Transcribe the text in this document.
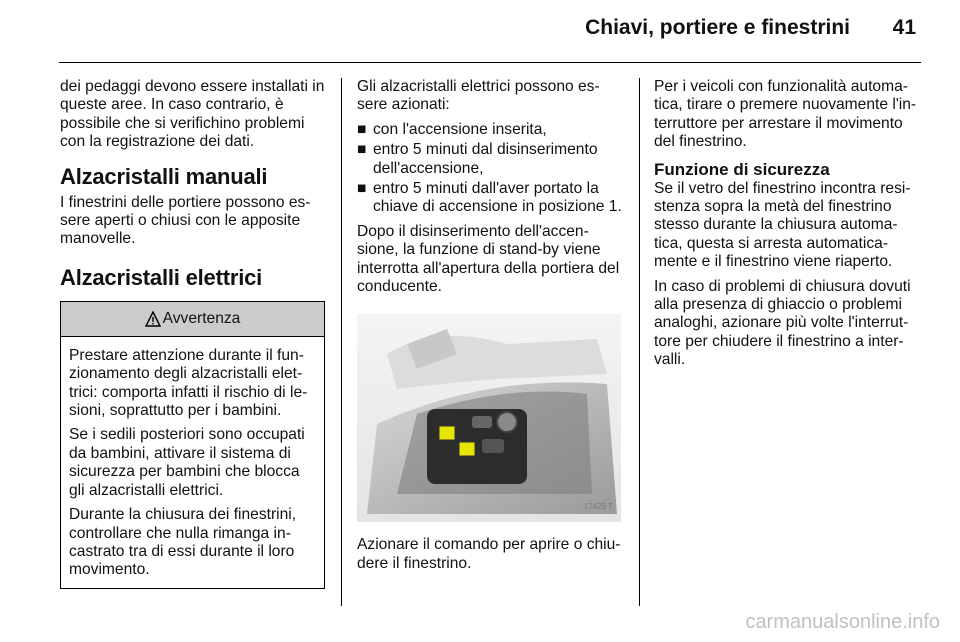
Chiavi, portiere e finestrini 41

dei pedaggi devono essere installati in queste aree. In caso contrario, è possibile che si verifichino problemi con la registrazione dei dati.

Alzacristalli manuali

I finestrini delle portiere possono es-sere aperti o chiusi con le apposite manovelle.

Alzacristalli elettrici
Avvertenza

Prestare attenzione durante il fun-zionamento degli alzacristalli elet-trici: comporta infatti il rischio di le-sioni, soprattutto per i bambini.

Se i sedili posteriori sono occupati da bambini, attivare il sistema di sicurezza per bambini che blocca gli alzacristalli elettrici.

Durante la chiusura dei finestrini, controllare che nulla rimanga in-castrato tra di essi durante il loro movimento.

Gli alzacristalli elettrici possono es-sere azionati:

■ con l'accensione inserita,
■ entro 5 minuti dal disinserimento dell'accensione,
■ entro 5 minuti dall'aver portato la chiave di accensione in posizione 1.

Dopo il disinserimento dell'accen-sione, la funzione di stand-by viene interrotta all'apertura della portiera del conducente.

17429 T

Azionare il comando per aprire o chiu-dere il finestrino.

Per i veicoli con funzionalità automa-tica, tirare o premere nuovamente l'in-terruttore per arrestare il movimento del finestrino.

Funzione di sicurezza

Se il vetro del finestrino incontra resi-stenza sopra la metà del finestrino stesso durante la chiusura automa-tica, questa si arresta automatica-mente e il finestrino viene riaperto.

In caso di problemi di chiusura dovuti alla presenza di ghiaccio o problemi analoghi, azionare più volte l'interrut-tore per chiudere il finestrino a inter-valli.

carmanualsonline.info
